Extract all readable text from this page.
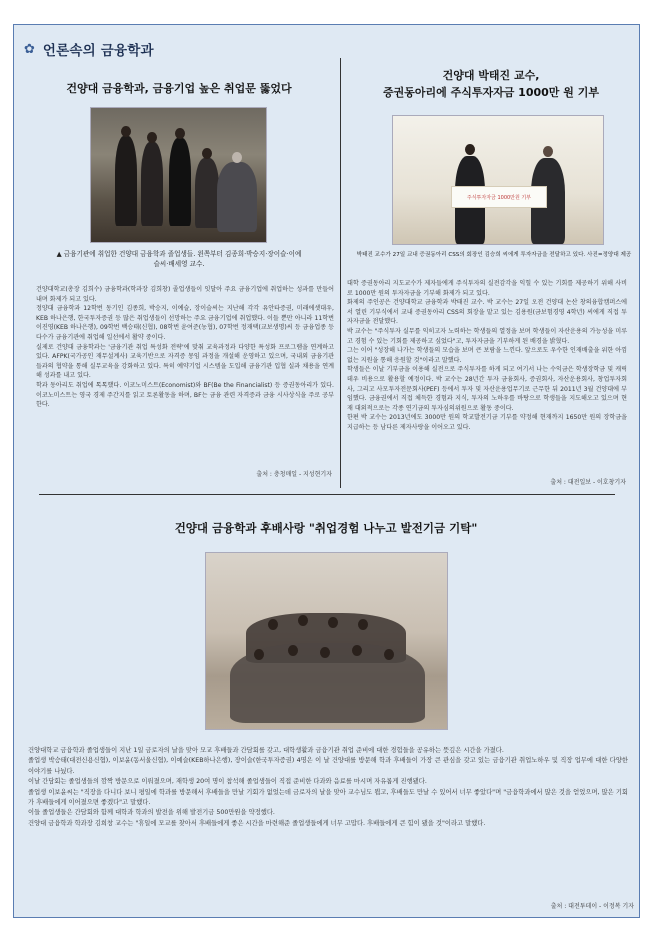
✿ 언론속의 금융학과
건양대 금융학과, 금융기업 높은 취업문 뚫었다
▲ 금융기관에 취업한 건양대 금융학과 졸업생들. 왼쪽부터 김종희·박승지·장이슬·이예슬씨·배세영 교수.

건양대학교(총장 김희수) 금융학과(학과장 김희창) 졸업생들이 잇달아 주요 금융기업에 취업하는 성과를 만들어내며 화제가 되고 있다.

정양대 금융학과 12학번 동기인 김종희, 박승지, 이예슬, 장이슬씨는 지난해 각각 유안타증권, 미래에셋대우, KEB 하나은행, 한국투자증권 등 많은 취업생들이 선망하는 주요 금융기업에 취업했다. 이들 뿐만 아니라 11학번 이진영(KEB 하나은행), 09학번 백승태(신협), 08학번 윤여준(농협), 07학번 정재택(교보생명)씨 등 금융업종 등 다수가 금융기관에 취업해 일선에서 활약 중이다.

실제로 건양대 금융학과는 '금융기관 취업 특성화 전략'에 맞춰 교육과정과 다양한 특성화 프로그램을 연계하고 있다. AFPK(국가공인 재무설계사) 교육기반으로 자격증 몽임 과정을 개설해 운영하고 있으며, 국내외 금융기관들과의 협약을 통해 실무교육을 강화하고 있다. 특히 예약기업 시스템을 도입해 금융기관 입협 실과 채용을 연계해 성과를 내고 있다.

학과 동아리도 취업에 톡톡했다. 이코노미스트(Economist)와 BF(Be the Financialist) 등 증권동아리가 있다. 이코노미스트는 영국 경제 주간지를 읽고 토론활동을 하며, BF는 금융 관련 자격증과 금융 시사상식을 주로 공부한다.

출처 : 충청매일 - 지성현기자
건양대 박태진 교수,
증권동아리에 주식투자자금 1000만 원 기부
주식투자자금 1000만원 기부
박태진 교수가 27일 교내 증권동아리 CSS의 회장인 김승희 씨에게 투자자금을 전달하고 있다. 사진=정양대 제공

대학 증권동아리 지도교수가 제자들에게 주식투자의 실전감각을 익힐 수 있는 기회를 제공하기 위해 사비로 1000만 원의 투자자금을 기부해 화제가 되고 있다.

화제의 주인공은 건양대학교 금융학과 박태진 교수. 박 교수는 27일 오전 건양대 논산 창의융합캠퍼스에서 열린 기부식에서 교내 증권동아리 CSS의 회장을 맡고 있는 김용원(금보험경영 4학년) 씨에게 직접 투자자금을 전달했다.

박 교수는 "주식투자 실무를 익히고자 노력하는 학생들의 열정을 보며 학생들이 자산운용의 가능성을 미루고 경험 수 있는 기회를 제공하고 싶었다"고, 투자자금을 기부하게 된 배경을 밝혔다.

그는 이어 "성장해 나가는 학생들의 모습을 보며 큰 보람을 느낀다. 앞으로도 우수한 인재배출을 위한 아낌없는 지원을 통해 응원할 것"이라고 말했다.

학생들은 이날 기부금을 이용해 실전으로 주식투자를 하게 되고 여기서 나는 수익금은 학생장학금 및 캐릭데우 비용으로 활용할 예정이다. 박 교수는 28년간 투자 금융회사, 증권회사, 자산운용회사, 창업투자회사, 그리고 사모투자전문회사(PEF) 등에서 투자 및 자산운용업무기로 근무한 뒤 2011년 3월 건양대에 부임했다. 금융권에서 직접 체득한 경험과 지식, 투자의 노하우를 바탕으로 학생들을 지도해오고 있으며 현재 대외적으로는 각종 연기금의 투자심의위원으로 활동 중이다.

한편 박 교수는 2013년에도 3000만 원의 학교발전기금 기부를 약정해 현재까지 1650만 원의 장학금을 지급하는 등 남다른 제자사랑을 이어오고 있다.

출처 : 대전일보 - 이호창기자
건양대 금융학과 후배사랑 "취업경험 나누고 발전기금 기탁"

건양대학교 금융학과 졸업생들이 지난 1일 금로자의 날을 맞아 모교 후배들과 간담회를 갖고, 대학생활과 금융기관 취업 준비에 대한 경험들을 공유하는 뜻깊은 시간을 가졌다.

졸업생 박승태(대전신용신협), 이보윤(동서울신협), 이예슬(KEB하나은행), 장이슬(한국투자증권) 4명은 이 날 건양대를 방문해 학과 후배들이 가장 큰 관심을 갖고 있는 금융기관 취업노하우 및 직장 업무에 대한 다양한 이야기를 나눴다.

이날 간담회는 졸업생들의 깜짝 방문으로 이뤄졌으며, 재학생 20여 명이 참석해 졸업생들이 직접 준비한 다과와 음료를 마시며 자유롭게 진행됐다.

졸업생 이보윤씨는 "직장을 다니다 보니 평일에 학과를 방문해서 후배들을 만날 기회가 없었는데 금로자의 날을 맞아 교수님도 뵙고, 후배들도 만날 수 있어서 너무 좋았다"며 "금융학과에서 많은 것을 얻었으며, 많은 기회가 후배들에게 이어졌으면 좋겠다"고 말했다.

이들 졸업생들은 간담회와 함께 대학과 학과의 발전을 위해 발전기금 500만원을 약정했다.

건양대 금융학과 학과장 김희창 교수는 "휴일에 모교를 찾아서 후배들에게 좋은 시간을 마련해준 졸업생들에게 너무 고맙다. 후배들에게 큰 힘이 됐을 것"이라고 말했다.

출처 : 대전투데이 - 이정복 기자
